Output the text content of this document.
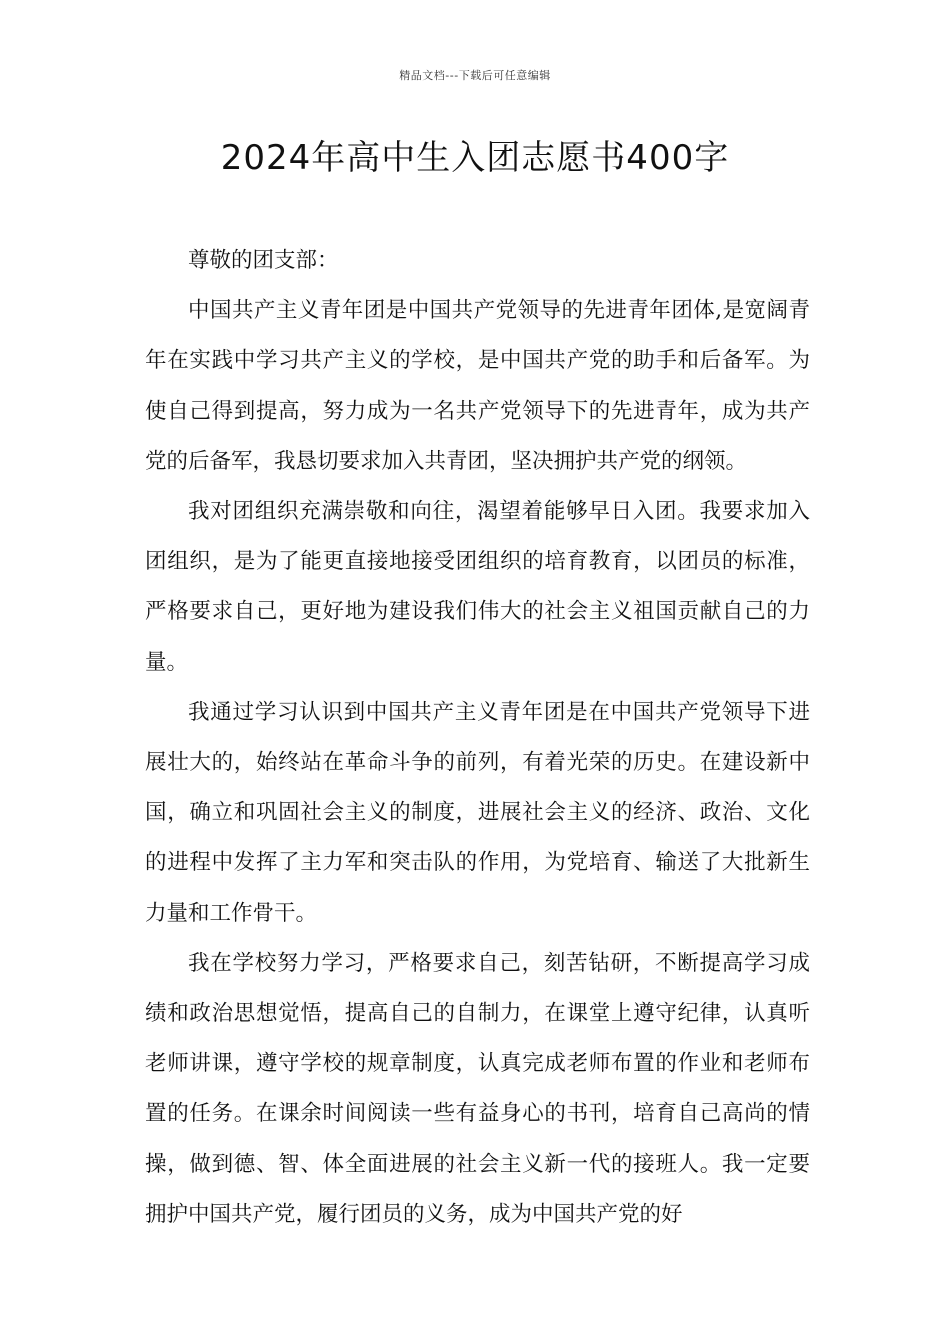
精品文档---下载后可任意编辑
2024年高中生入团志愿书400字

尊敬的团支部：

中国共产主义青年团是中国共产党领导的先进青年团体,是宽阔青年在实践中学习共产主义的学校，是中国共产党的助手和后备军。为使自己得到提高，努力成为一名共产党领导下的先进青年，成为共产党的后备军，我恳切要求加入共青团，坚决拥护共产党的纲领。

我对团组织充满崇敬和向往，渴望着能够早日入团。我要求加入团组织，是为了能更直接地接受团组织的培育教育，以团员的标准，严格要求自己，更好地为建设我们伟大的社会主义祖国贡献自己的力量。

我通过学习认识到中国共产主义青年团是在中国共产党领导下进展壮大的，始终站在革命斗争的前列，有着光荣的历史。在建设新中国，确立和巩固社会主义的制度，进展社会主义的经济、政治、文化的进程中发挥了主力军和突击队的作用，为党培育、输送了大批新生力量和工作骨干。

我在学校努力学习，严格要求自己，刻苦钻研，不断提高学习成绩和政治思想觉悟，提高自己的自制力，在课堂上遵守纪律，认真听老师讲课，遵守学校的规章制度，认真完成老师布置的作业和老师布置的任务。在课余时间阅读一些有益身心的书刊，培育自己高尚的情操，做到德、智、体全面进展的社会主义新一代的接班人。我一定要拥护中国共产党，履行团员的义务，成为中国共产党的好
